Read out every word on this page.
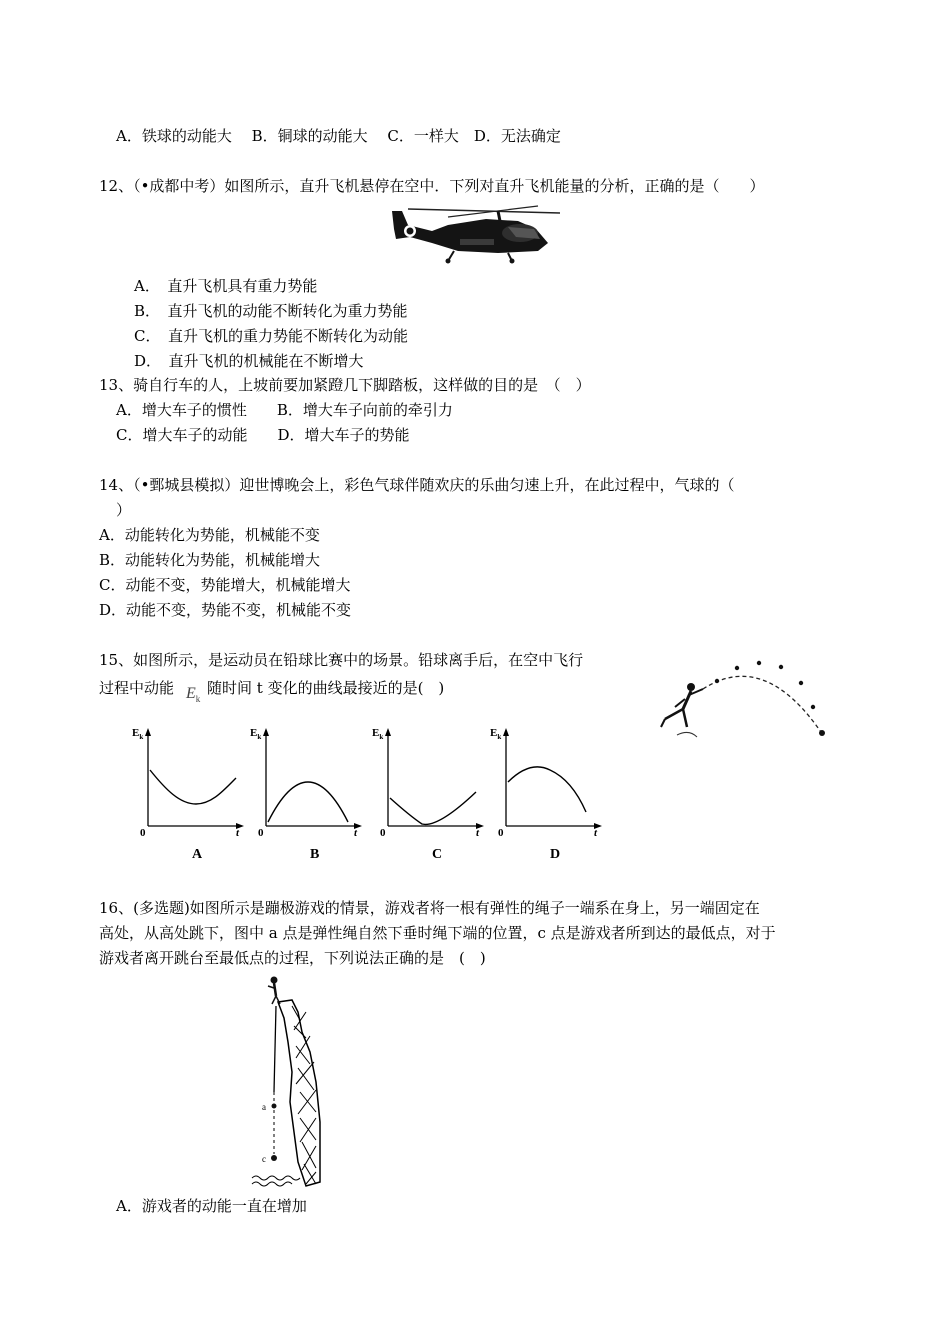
A．铁球的动能大　 B．铜球的动能大　 C．一样大　D．无法确定
12、（•成都中考）如图所示，直升飞机悬停在空中．下列对直升飞机能量的分析，正确的是（　　）
A．　直升飞机具有重力势能
B．　直升飞机的动能不断转化为重力势能
C．　直升飞机的重力势能不断转化为动能
D．　直升飞机的机械能在不断增大
13、骑自行车的人，上坡前要加紧蹬几下脚踏板，这样做的目的是　（　）
A．增大车子的惯性　　B．增大车子向前的牵引力
C．增大车子的动能　　D．增大车子的势能
14、（•鄄城县模拟）迎世博晚会上，彩色气球伴随欢庆的乐曲匀速上升，在此过程中，气球的（
）
A．动能转化为势能，机械能不变
B．动能转化为势能，机械能增大
C．动能不变，势能增大，机械能增大
D．动能不变，势能不变，机械能不变
15、如图所示，是运动员在铅球比赛中的场景。铅球离手后，在空中飞行
过程中动能 $E_k$
随时间 t 变化的曲线最接近的是(　)
$E_k$	$E_k$	$E_k$	$E_k$
0	0	0	0
t	t	t	t
A	B	C	D
16、(多选题)如图所示是蹦极游戏的情景，游戏者将一根有弹性的绳子一端系在身上，另一端固定在
高处，从高处跳下，图中 a 点是弹性绳自然下垂时绳下端的位置，c 点是游戏者所到达的最低点，对于
游戏者离开跳台至最低点的过程，下列说法正确的是　(　)
a
c
A．游戏者的动能一直在增加
